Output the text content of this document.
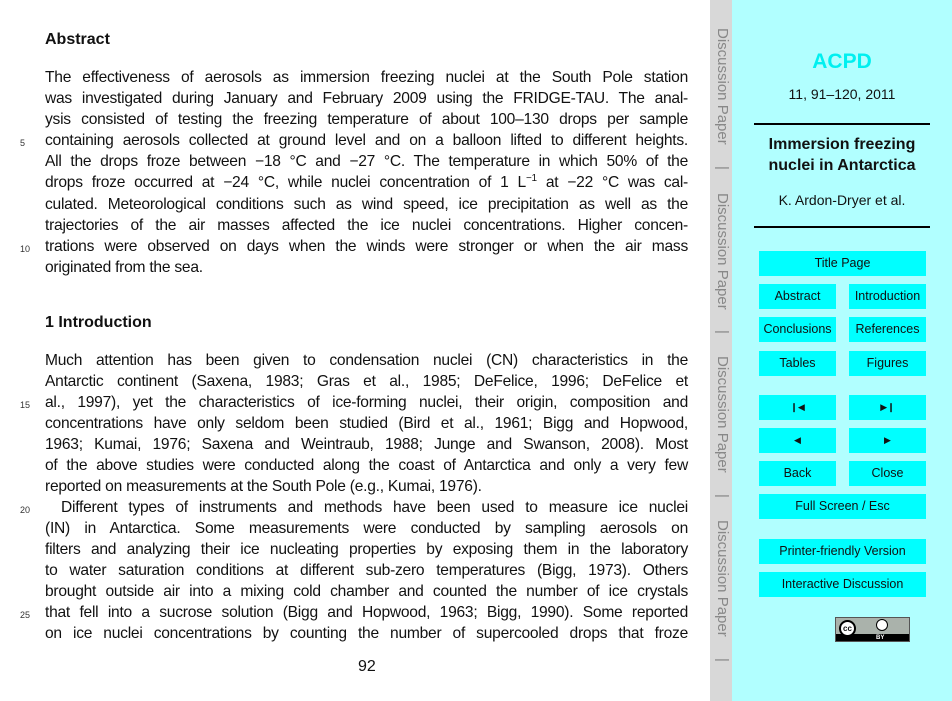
Abstract
The effectiveness of aerosols as immersion freezing nuclei at the South Pole station
was investigated during January and February 2009 using the FRIDGE-TAU. The anal-
ysis consisted of testing the freezing temperature of about 100–130 drops per sample
containing aerosols collected at ground level and on a balloon lifted to different heights.
All the drops froze between −18 °C and −27 °C. The temperature in which 50% of the
drops froze occurred at −24 °C, while nuclei concentration of 1 $L^{-1}$ at −22 °C was cal-
culated. Meteorological conditions such as wind speed, ice precipitation as well as the
trajectories of the air masses affected the ice nuclei concentrations. Higher concen-
trations were observed on days when the winds were stronger or when the air mass
originated from the sea.
1 Introduction
Much attention has been given to condensation nuclei (CN) characteristics in the
Antarctic continent (Saxena, 1983; Gras et al., 1985; DeFelice, 1996; DeFelice et
al., 1997), yet the characteristics of ice-forming nuclei, their origin, composition and
concentrations have only seldom been studied (Bird et al., 1961; Bigg and Hopwood,
1963; Kumai, 1976; Saxena and Weintraub, 1988; Junge and Swanson, 2008). Most
of the above studies were conducted along the coast of Antarctica and only a very few
reported on measurements at the South Pole (e.g., Kumai, 1976).
Different types of instruments and methods have been used to measure ice nuclei
(IN) in Antarctica. Some measurements were conducted by sampling aerosols on
filters and analyzing their ice nucleating properties by exposing them in the laboratory
to water saturation conditions at different sub-zero temperatures (Bigg, 1973). Others
brought outside air into a mixing cold chamber and counted the number of ice crystals
that fell into a sucrose solution (Bigg and Hopwood, 1963; Bigg, 1990). Some reported
on ice nuclei concentrations by counting the number of supercooled drops that froze
5
10
15
20
25
92
Discussion Paper
|
Discussion Paper
|
Discussion Paper
|
Discussion Paper
|
ACPD
11, 91–120, 2011
Immersion freezing
nuclei in Antarctica
K. Ardon-Dryer et al.
Title Page
Abstract	Introduction
Conclusions	References
Tables	Figures
❙◀	▶❙
◀	▶
Back	Close
Full Screen / Esc
Printer-friendly Version
Interactive Discussion
cc
BY
